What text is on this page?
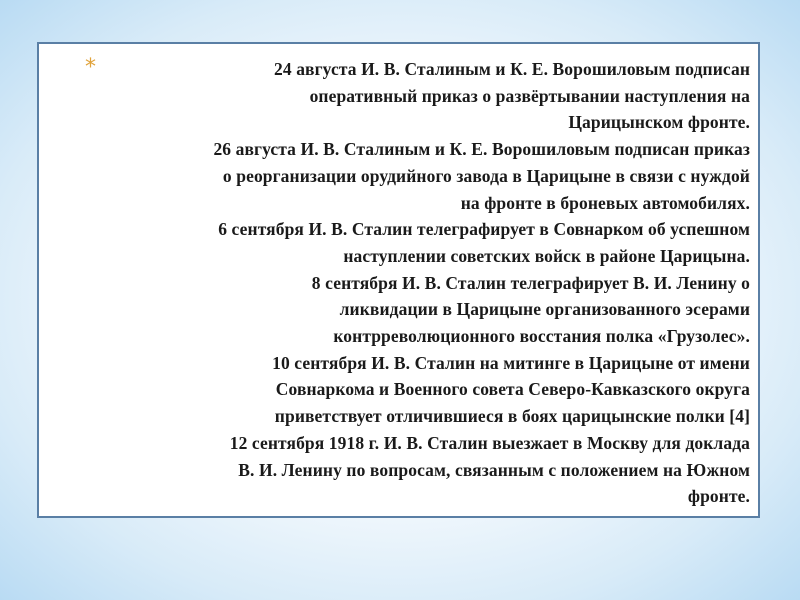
*	24 августа И. В. Сталиным и К. Е. Ворошиловым подписан
оперативный приказ о развёртывании наступления на
Царицынском фронте.
26 августа И. В. Сталиным и К. Е. Ворошиловым подписан приказ
о реорганизации орудийного завода в Царицыне в связи с нуждой
на фронте в броневых автомобилях.
6 сентября И. В. Сталин телеграфирует в Совнарком об успешном
наступлении советских войск в районе Царицына.
8 сентября И. В. Сталин телеграфирует В. И. Ленину о
ликвидации в Царицыне организованного эсерами
контрреволюционного восстания полка «Грузолес».
10 сентября И. В. Сталин на митинге в Царицыне от имени
Совнаркома и Военного совета Северо-Кавказского округа
приветствует отличившиеся в боях царицынские полки [4]
12 сентября 1918 г. И. В. Сталин выезжает в Москву для доклада
В. И. Ленину по вопросам, связанным с положением на Южном
фронте.
